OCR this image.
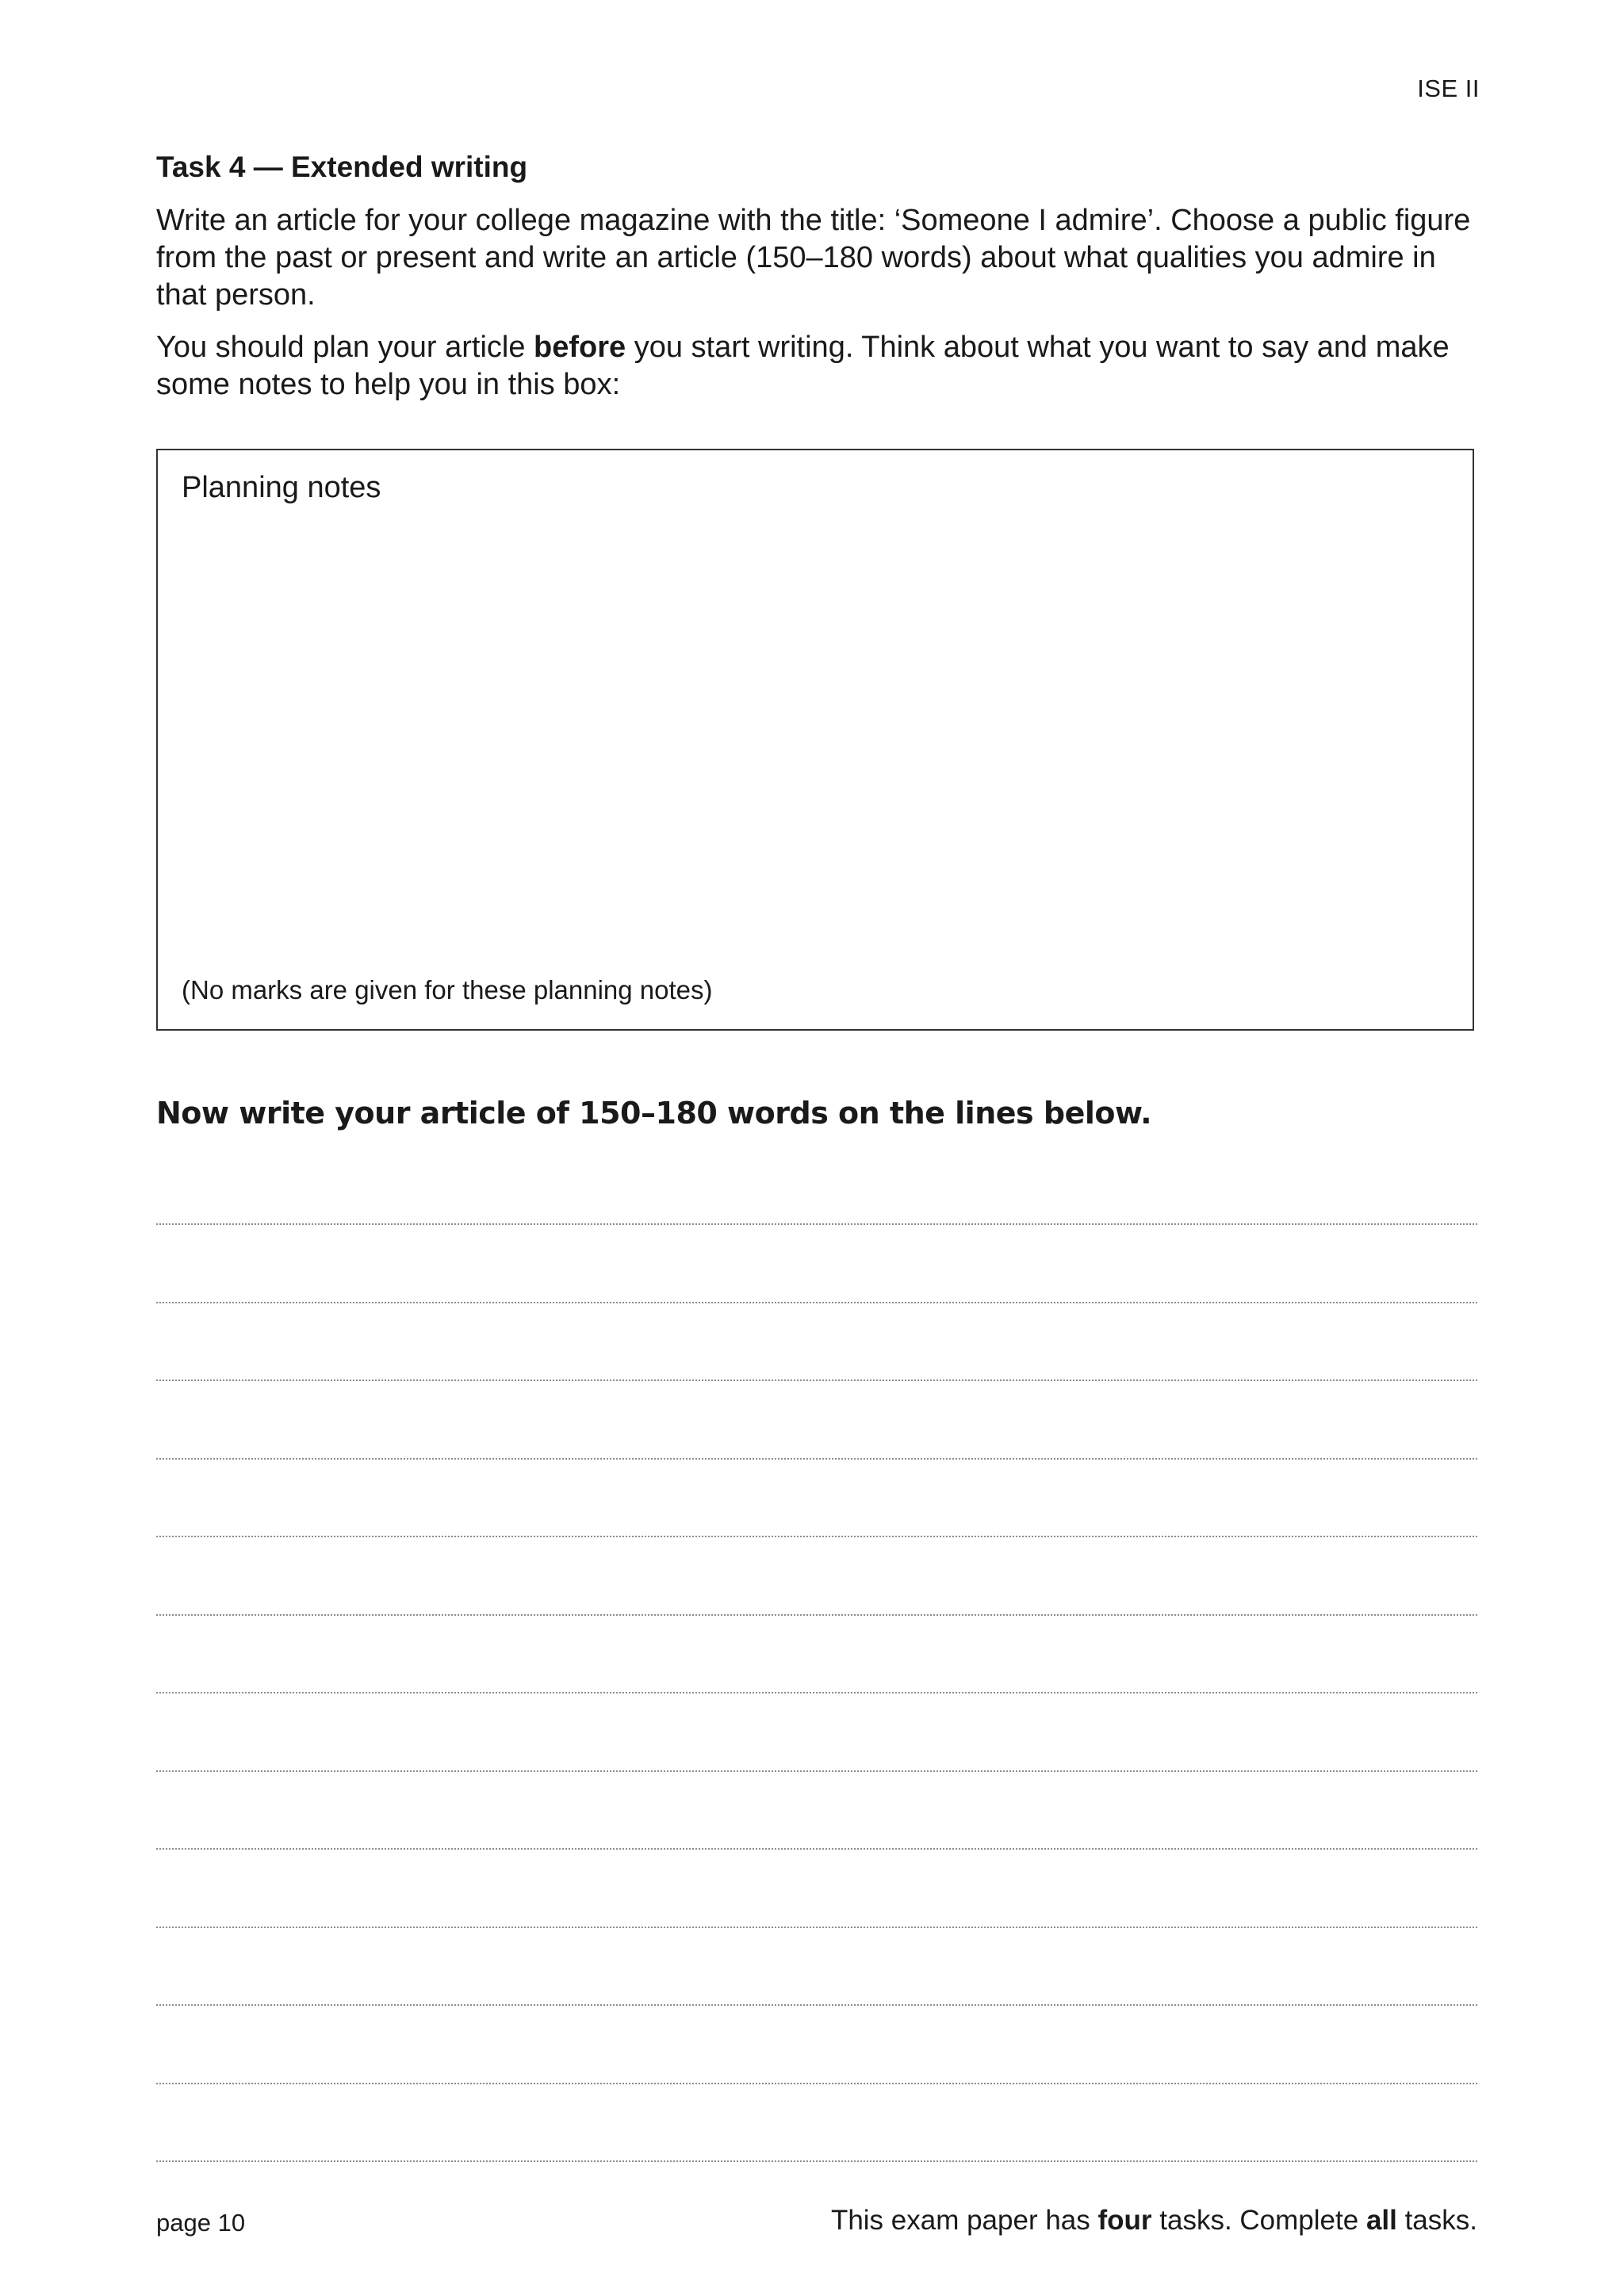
ISE II
Task 4 — Extended writing

Write an article for your college magazine with the title: ‘Someone I admire’. Choose a public figure from the past or present and write an article (150–180 words) about what qualities you admire in that person.

You should plan your article before you start writing. Think about what you want to say and make some notes to help you in this box:

Planning notes
(No marks are given for these planning notes)
Now write your article of 150–180 words on the lines below.
page 10	This exam paper has four tasks. Complete all tasks.
